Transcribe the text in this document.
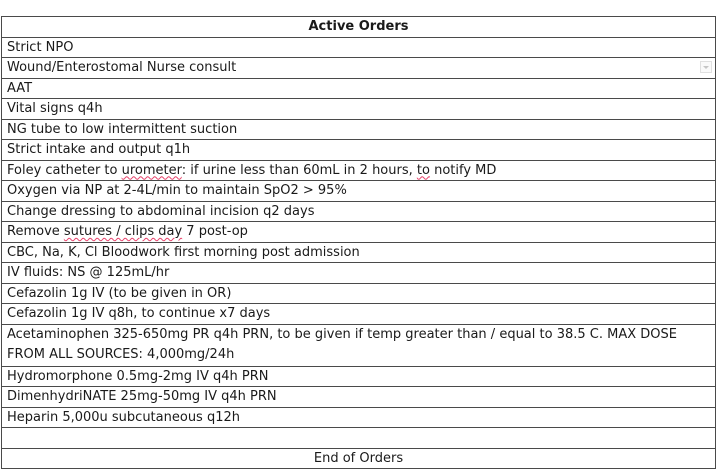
Active Orders
Strict NPO
Wound/Enterostomal Nurse consult

AAT
Vital signs q4h
NG tube to low intermittent suction
Strict intake and output q1h
Foley catheter to urometer: if urine less than 60mL in 2 hours, to notify MD
Oxygen via NP at 2-4L/min to maintain SpO2 > 95%
Change dressing to abdominal incision q2 days
Remove sutures / clips day 7 post-op
CBC, Na, K, Cl Bloodwork first morning post admission
IV fluids: NS @ 125mL/hr
Cefazolin 1g IV (to be given in OR)
Cefazolin 1g IV q8h, to continue x7 days
Acetaminophen 325-650mg PR q4h PRN, to be given if temp greater than / equal to 38.5 C. MAX DOSE FROM ALL SOURCES: 4,000mg/24h
Hydromorphone 0.5mg-2mg IV q4h PRN
DimenhydriNATE 25mg-50mg IV q4h PRN
Heparin 5,000u subcutaneous q12h

End of Orders
